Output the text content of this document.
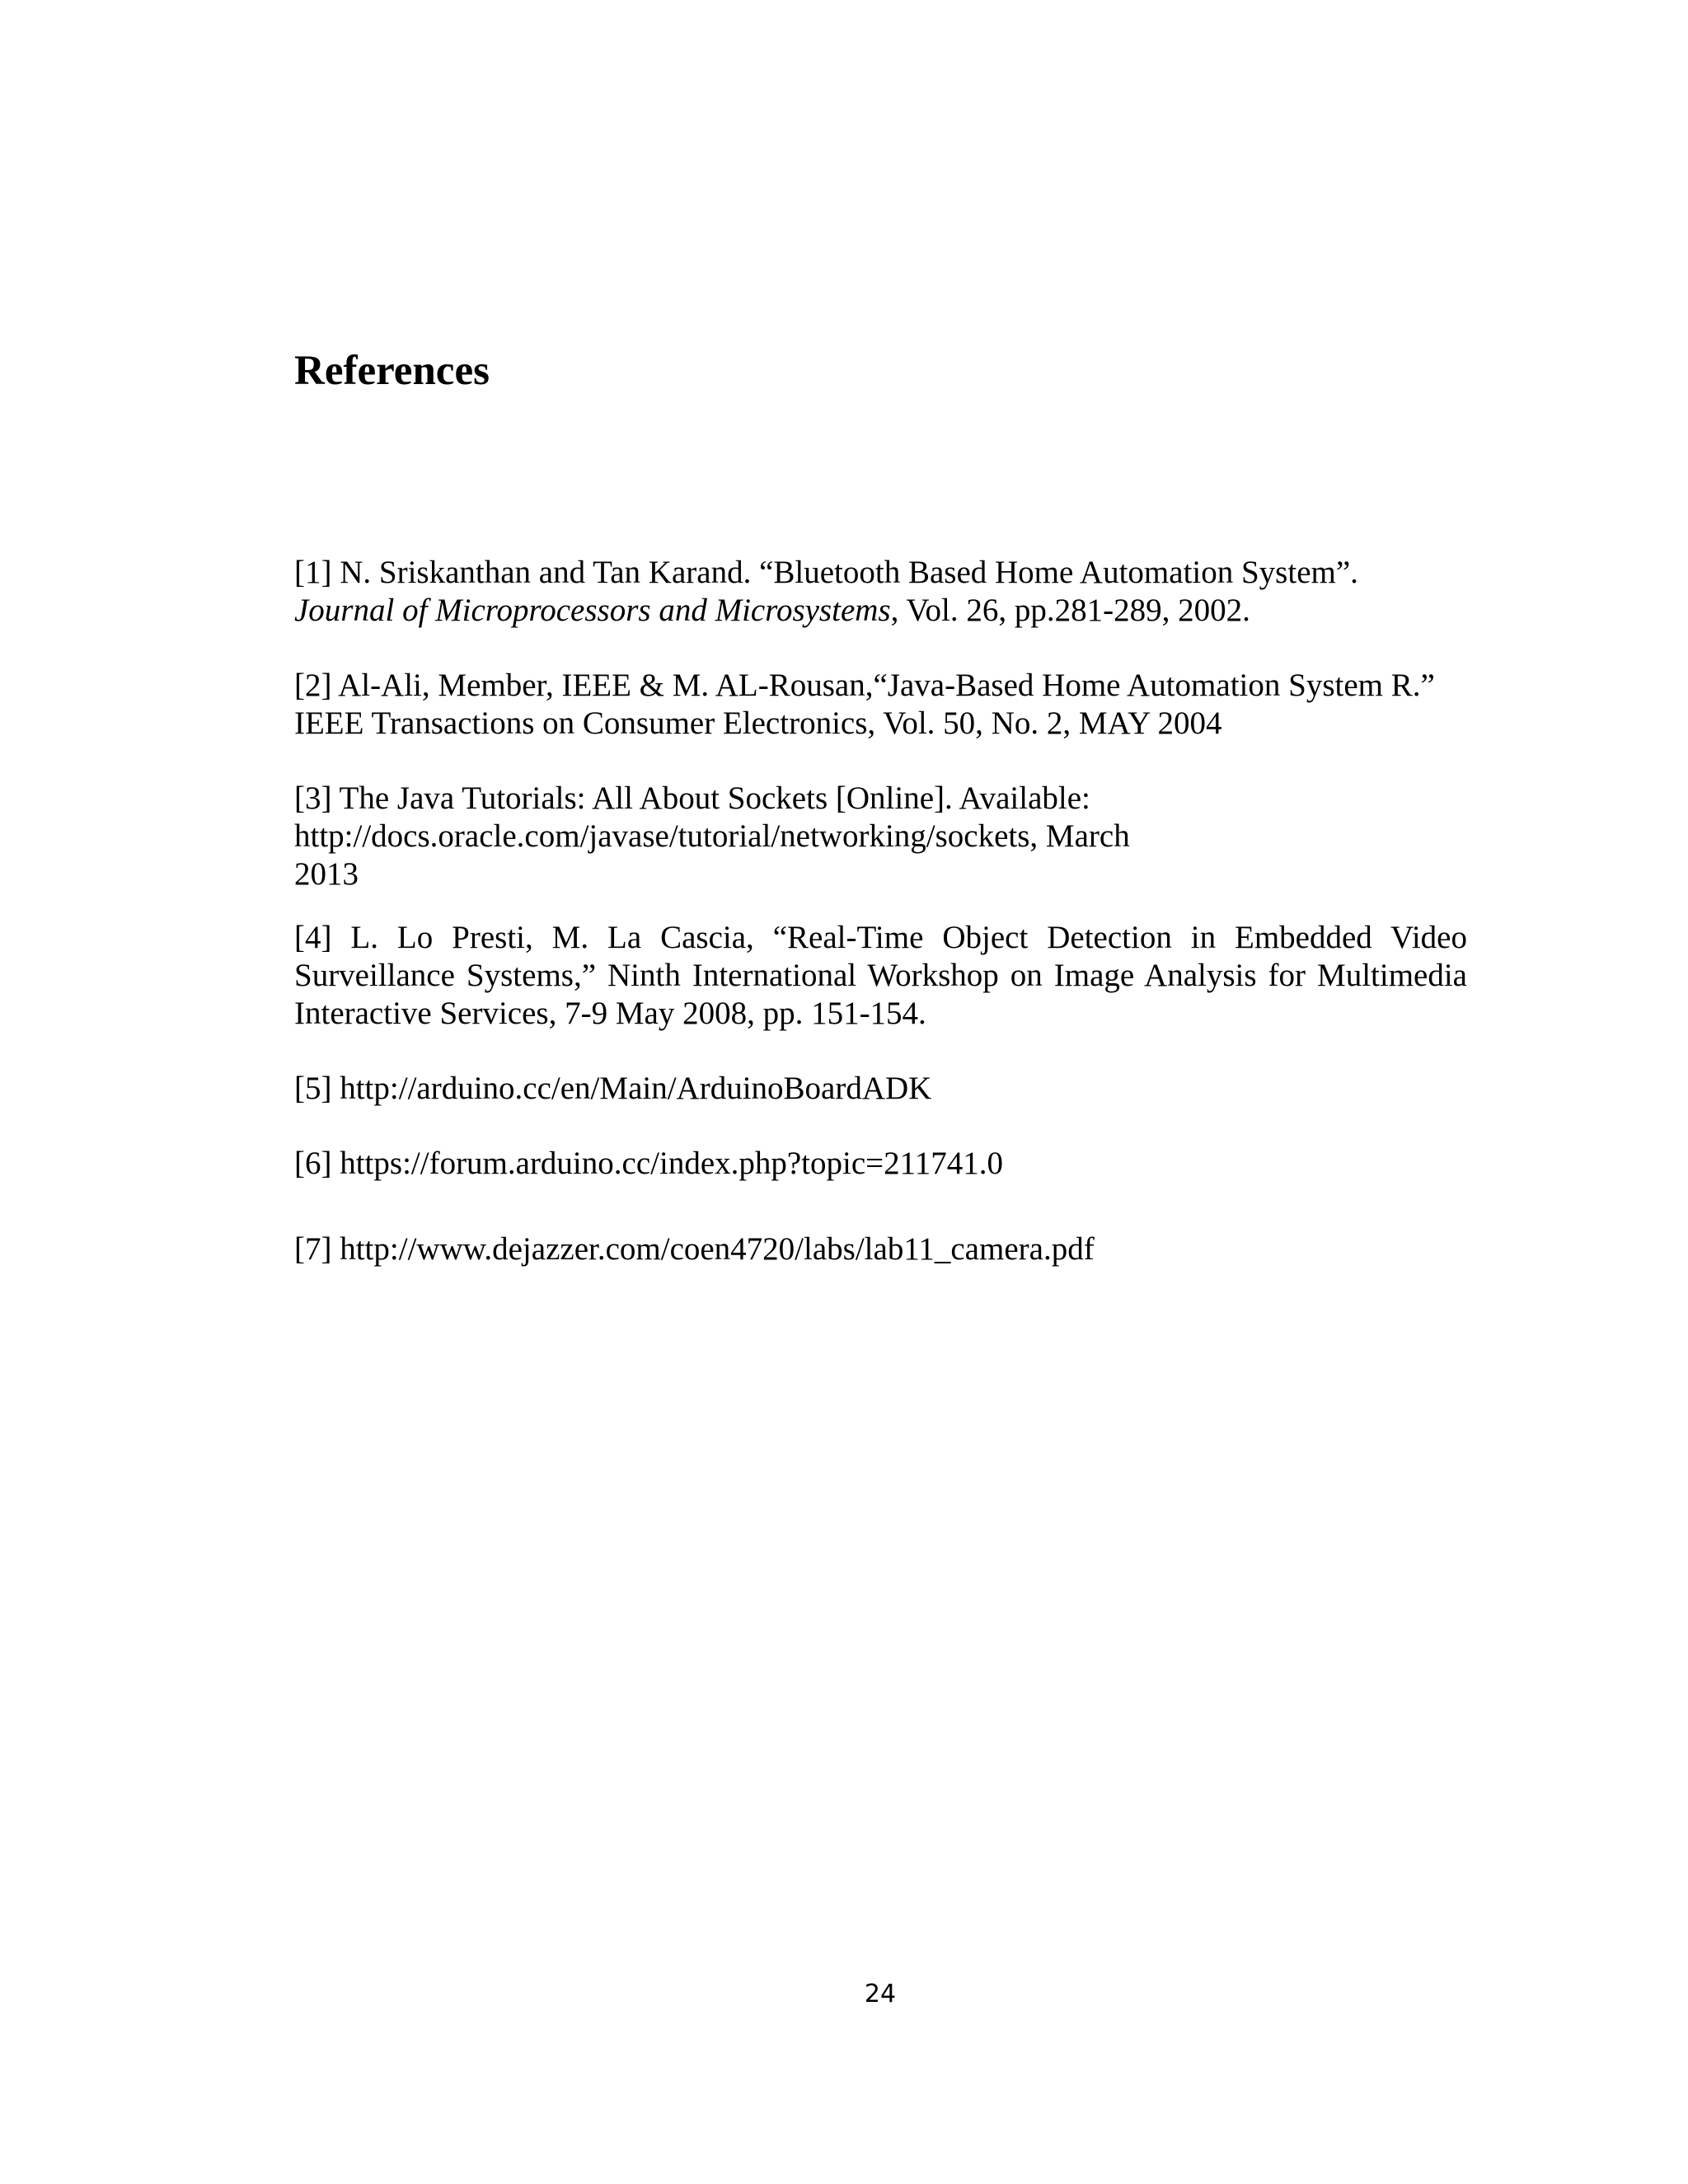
References
[1] N. Sriskanthan and Tan Karand. “Bluetooth Based Home Automation System”.
Journal of Microprocessors and Microsystems, Vol. 26, pp.281-289, 2002.
[2] Al-Ali, Member, IEEE & M. AL-Rousan,“Java-Based Home Automation System R.”
IEEE Transactions on Consumer Electronics, Vol. 50, No. 2, MAY 2004
[3] The Java Tutorials: All About Sockets [Online]. Available:
http://docs.oracle.com/javase/tutorial/networking/sockets, March
2013
[4] L. Lo Presti, M. La Cascia, “Real-Time Object Detection in Embedded Video
Surveillance Systems,” Ninth International Workshop on Image Analysis for Multimedia
Interactive Services, 7-9 May 2008, pp. 151-154.
[5] http://arduino.cc/en/Main/ArduinoBoardADK
[6] https://forum.arduino.cc/index.php?topic=211741.0
[7] http://www.dejazzer.com/coen4720/labs/lab11_camera.pdf
24
